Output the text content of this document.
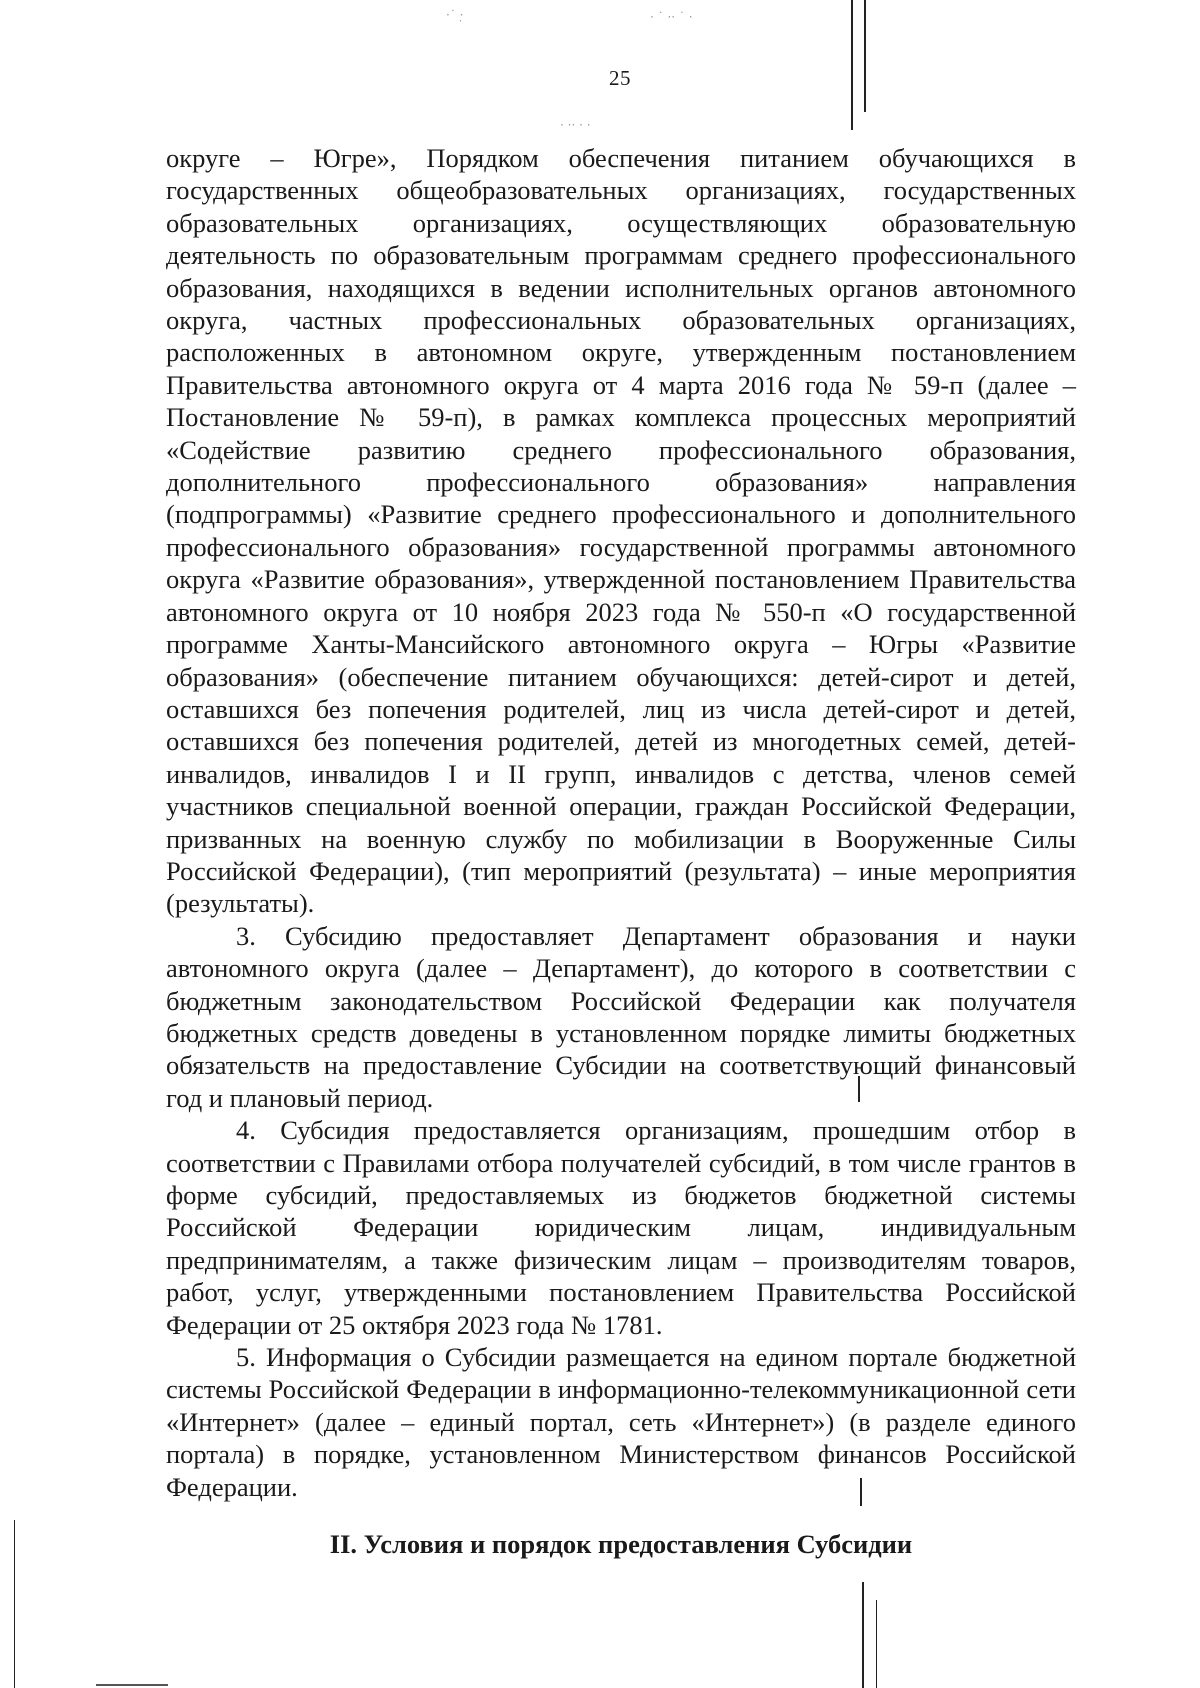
·˙ ·̣	· ˙ ·· ˙ ·
· ·· · ·
25

округе – Югре», Порядком обеспечения питанием обучающихся в государственных общеобразовательных организациях, государственных образовательных организациях, осуществляющих образовательную деятельность по образовательным программам среднего профессионального образования, находящихся в ведении исполнительных органов автономного округа, частных профессиональных образовательных организациях, расположенных в автономном округе, утвержденным постановлением Правительства автономного округа от 4 марта 2016 года № 59-п (далее – Постановление № 59-п), в рамках комплекса процессных мероприятий «Содействие развитию среднего профессионального образования, дополнительного профессионального образования» направления (подпрограммы) «Развитие среднего профессионального и дополнительного профессионального образования» государственной программы автономного округа «Развитие образования», утвержденной постановлением Правительства автономного округа от 10 ноября 2023 года № 550-п «О государственной программе Ханты-Мансийского автономного округа – Югры «Развитие образования» (обеспечение питанием обучающихся: детей-сирот и детей, оставшихся без попечения родителей, лиц из числа детей-сирот и детей, оставшихся без попечения родителей, детей из многодетных семей, детей-инвалидов, инвалидов I и II групп, инвалидов с детства, членов семей участников специальной военной операции, граждан Российской Федерации, призванных на военную службу по мобилизации в Вооруженные Силы Российской Федерации), (тип мероприятий (результата) – иные мероприятия (результаты).

3. Субсидию предоставляет Департамент образования и науки автономного округа (далее – Департамент), до которого в соответствии с бюджетным законодательством Российской Федерации как получателя бюджетных средств доведены в установленном порядке лимиты бюджетных обязательств на предоставление Субсидии на соответствующий финансовый год и плановый период.

4. Субсидия предоставляется организациям, прошедшим отбор в соответствии с Правилами отбора получателей субсидий, в том числе грантов в форме субсидий, предоставляемых из бюджетов бюджетной системы Российской Федерации юридическим лицам, индивидуальным предпринимателям, а также физическим лицам – производителям товаров, работ, услуг, утвержденными постановлением Правительства Российской Федерации от 25 октября 2023 года № 1781.

5. Информация о Субсидии размещается на едином портале бюджетной системы Российской Федерации в информационно-телекоммуникационной сети «Интернет» (далее – единый портал, сеть «Интернет») (в разделе единого портала) в порядке, установленном Министерством финансов Российской Федерации.

II. Условия и порядок предоставления Субсидии
